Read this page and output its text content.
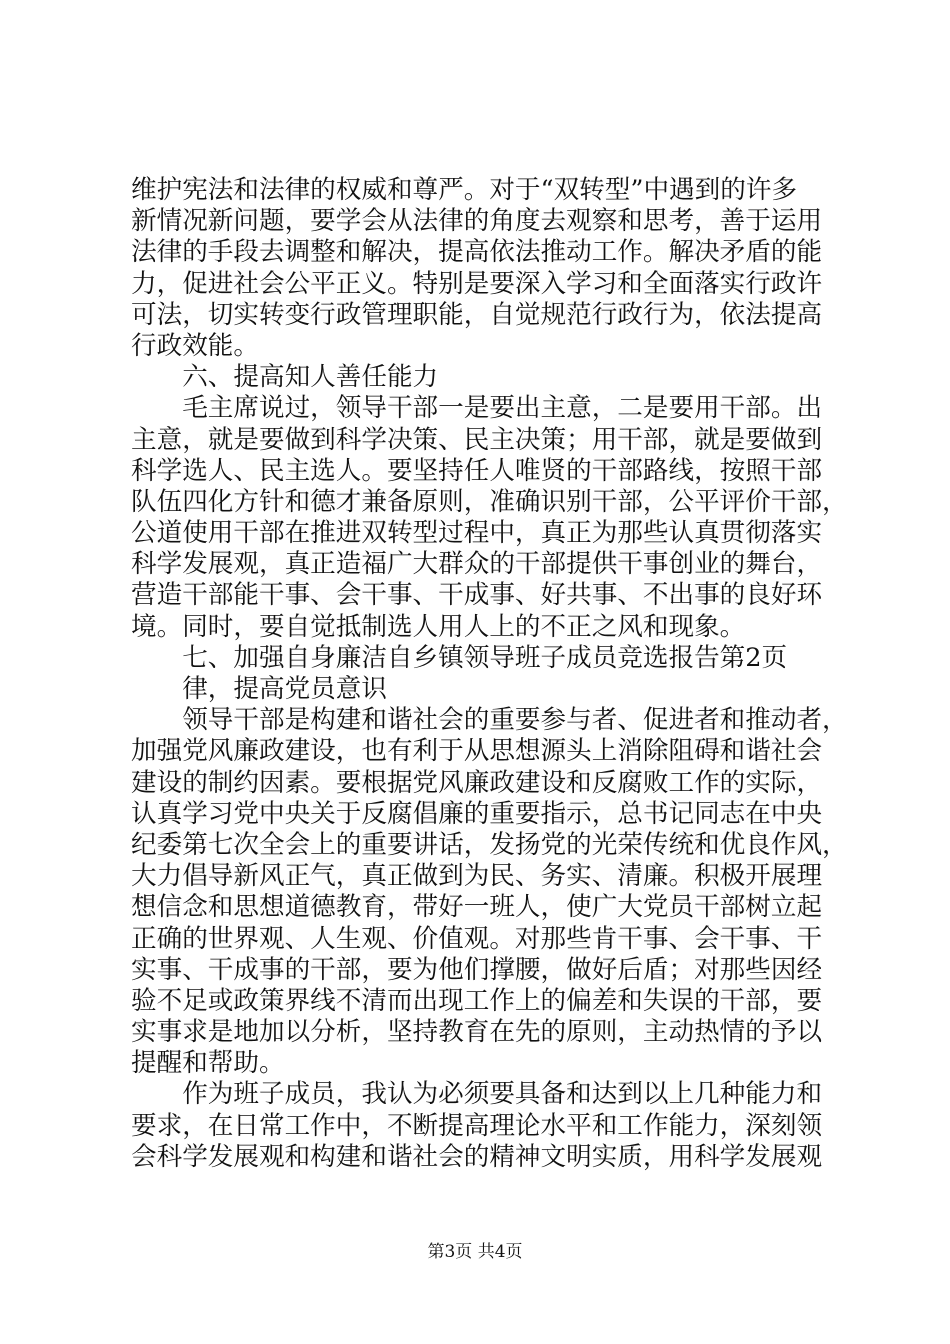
维护宪法和法律的权威和尊严。对于“双转型”中遇到的许多
新情况新问题，要学会从法律的角度去观察和思考，善于运用
法律的手段去调整和解决，提高依法推动工作。解决矛盾的能
力，促进社会公平正义。特别是要深入学习和全面落实行政许
可法，切实转变行政管理职能，自觉规范行政行为，依法提高
行政效能。
六、提高知人善任能力
毛主席说过，领导干部一是要出主意，二是要用干部。出
主意，就是要做到科学决策、民主决策；用干部，就是要做到
科学选人、民主选人。要坚持任人唯贤的干部路线，按照干部
队伍四化方针和德才兼备原则，准确识别干部，公平评价干部，
公道使用干部在推进双转型过程中，真正为那些认真贯彻落实
科学发展观，真正造福广大群众的干部提供干事创业的舞台，
营造干部能干事、会干事、干成事、好共事、不出事的良好环
境。同时，要自觉抵制选人用人上的不正之风和现象。
七、加强自身廉洁自乡镇领导班子成员竞选报告第2页
律，提高党员意识
领导干部是构建和谐社会的重要参与者、促进者和推动者，
加强党风廉政建设，也有利于从思想源头上消除阻碍和谐社会
建设的制约因素。要根据党风廉政建设和反腐败工作的实际，
认真学习党中央关于反腐倡廉的重要指示，总书记同志在中央
纪委第七次全会上的重要讲话，发扬党的光荣传统和优良作风，
大力倡导新风正气，真正做到为民、务实、清廉。积极开展理
想信念和思想道德教育，带好一班人，使广大党员干部树立起
正确的世界观、人生观、价值观。对那些肯干事、会干事、干
实事、干成事的干部，要为他们撑腰，做好后盾；对那些因经
验不足或政策界线不清而出现工作上的偏差和失误的干部，要
实事求是地加以分析，坚持教育在先的原则，主动热情的予以
提醒和帮助。
作为班子成员，我认为必须要具备和达到以上几种能力和
要求，在日常工作中，不断提高理论水平和工作能力，深刻领
会科学发展观和构建和谐社会的精神文明实质，用科学发展观
第3页 共4页
